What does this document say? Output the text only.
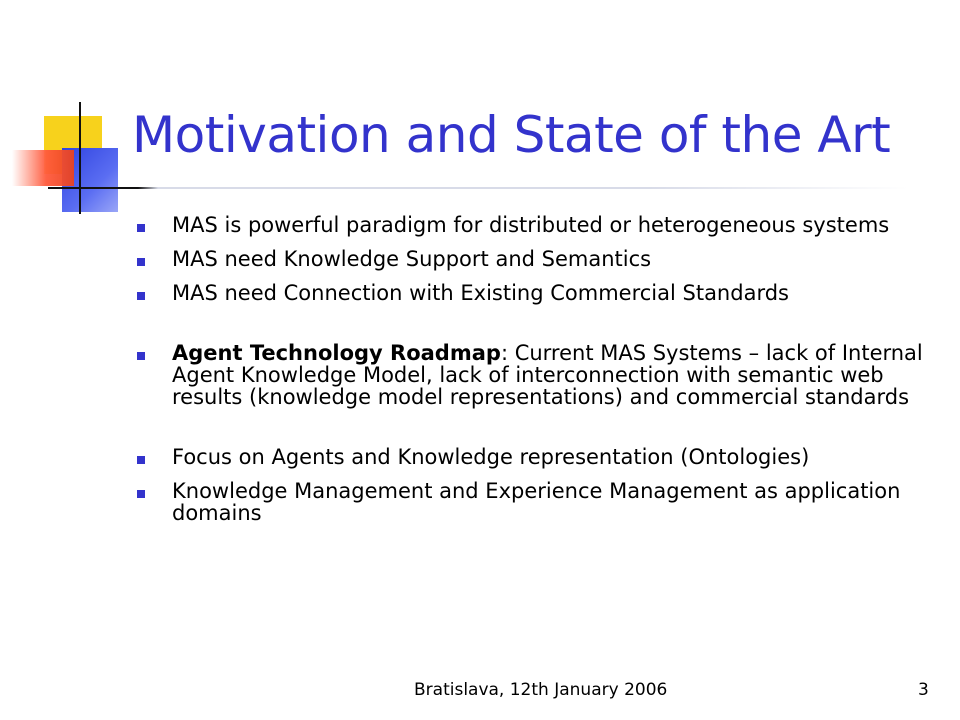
Motivation and State of the Art
MAS is powerful paradigm for distributed or heterogeneous systems
MAS need Knowledge Support and Semantics
MAS need Connection with Existing Commercial Standards
Agent Technology Roadmap: Current MAS Systems – lack of Internal Agent Knowledge Model, lack of interconnection with semantic web results (knowledge model representations) and commercial standards
Focus on Agents and Knowledge representation (Ontologies)
Knowledge Management and Experience Management as application domains
Bratislava, 12th January 2006	3
